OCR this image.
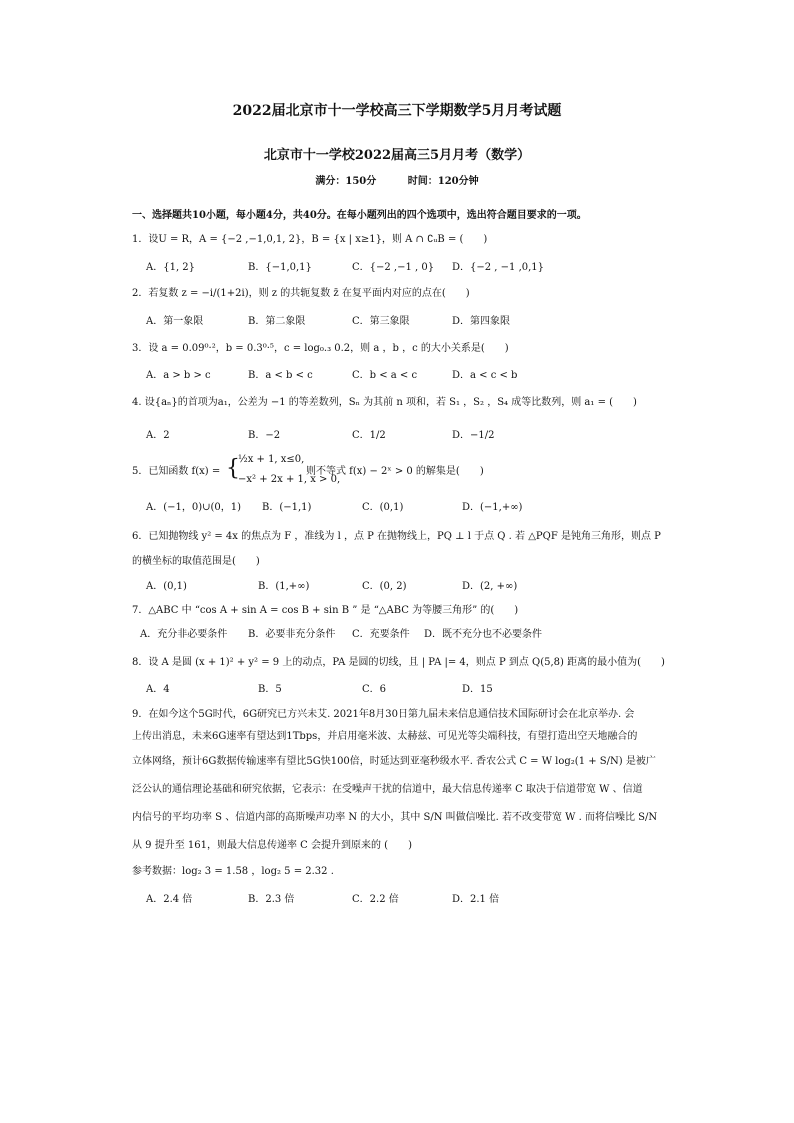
2022届北京市十一学校高三下学期数学5月月考试题
北京市十一学校2022届高三5月月考（数学）
满分：150分	时间：120分钟
一、选择题共10小题，每小题4分，共40分。在每小题列出的四个选项中，选出符合题目要求的一项。
1．设U = R，A = {−2 ,−1,0,1, 2}，B = {x | x≥1}，则 A ∩ ∁ᵤB = (　　)
A．{1, 2}	B．{−1,0,1}	C．{−2 ,−1 , 0} D．{−2 , −1 ,0,1}
2．若复数 z = −i/(1+2i)，则 z 的共轭复数 z̄ 在复平面内对应的点在(　　)
A．第一象限	B．第二象限	C．第三象限	D．第四象限
3．设 a = 0.09⁰·²，b = 0.3⁰·⁵，c = log₀.₃ 0.2，则 a ，b ，c 的大小关系是(　　)
A．a > b > c	B．a < b < c	C．b < a < c	D．a < c < b
4. 设{aₙ}的首项为a₁，公差为 −1 的等差数列，Sₙ 为其前 n 项和，若 S₁ ，S₂ ，S₄ 成等比数列，则 a₁ = (　　)
A．2	B．−2	C．1/2	D．−1/2
5．已知函数 f(x) = {
½x + 1, x≤0,
−x² + 2x + 1, x > 0,
则不等式 f(x) − 2ˣ > 0 的解集是(　　)
A．(−1，0)∪(0，1) B．(−1,1)	C．(0,1)	D．(−1,+∞)
6．已知抛物线 y² = 4x 的焦点为 F ，准线为 l ，点 P 在抛物线上，PQ ⊥ l 于点 Q . 若 △PQF 是钝角三角形，则点 P
的横坐标的取值范围是(　　)
A．(0,1)	B．(1,+∞)	C．(0, 2)	D．(2, +∞)
7．△ABC 中 “cos A + sin A = cos B + sin B ” 是 “△ABC 为等腰三角形” 的(　　)
A．充分非必要条件 B．必要非充分条件 C．充要条件 D．既不充分也不必要条件
8．设 A 是圆 (x + 1)² + y² = 9 上的动点，PA 是圆的切线，且 | PA |= 4，则点 P 到点 Q(5,8) 距离的最小值为(　　)
A．4	B．5	C．6	D．15
9．在如今这个5G时代，6G研究已方兴未艾. 2021年8月30日第九届未来信息通信技术国际研讨会在北京举办. 会
上传出消息，未来6G速率有望达到1Tbps，并启用毫米波、太赫兹、可见光等尖端科技，有望打造出空天地融合的
立体网络，预计6G数据传输速率有望比5G快100倍，时延达到亚毫秒级水平. 香农公式 C = W log₂(1 + S/N) 是被广
泛公认的通信理论基础和研究依据，它表示：在受噪声干扰的信道中，最大信息传递率 C 取决于信道带宽 W 、信道
内信号的平均功率 S 、信道内部的高斯噪声功率 N 的大小，其中 S/N 叫做信噪比. 若不改变带宽 W . 而将信噪比 S/N
从 9 提升至 161，则最大信息传递率 C 会提升到原来的 (　　)
参考数据：log₂ 3 = 1.58 ，log₂ 5 = 2.32 .
A．2.4 倍	B．2.3 倍	C．2.2 倍	D．2.1 倍
